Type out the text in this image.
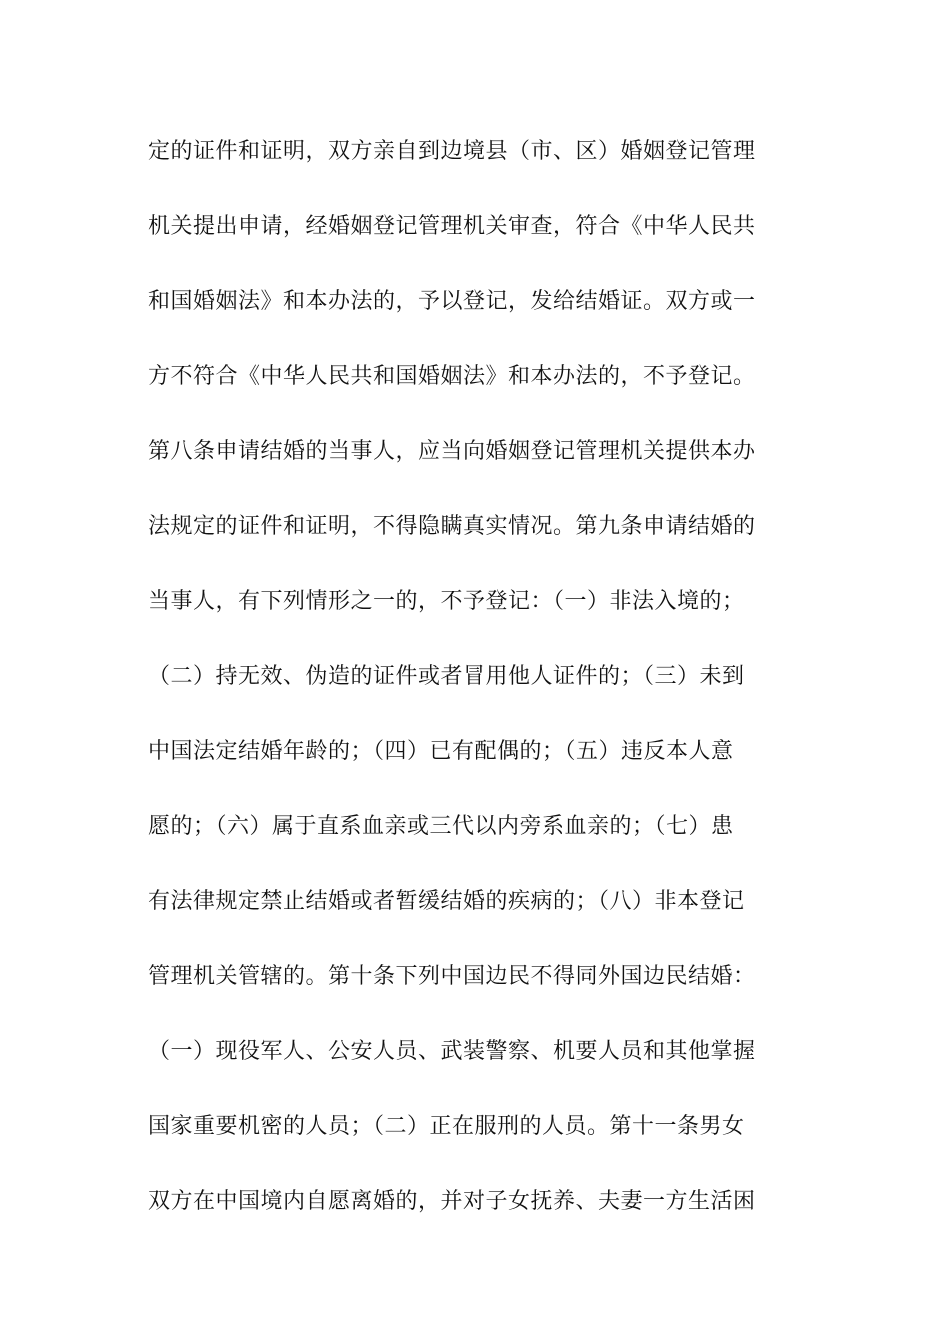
定的证件和证明，双方亲自到边境县（市、区）婚姻登记管理
机关提出申请，经婚姻登记管理机关审查，符合《中华人民共
和国婚姻法》和本办法的，予以登记，发给结婚证。双方或一
方不符合《中华人民共和国婚姻法》和本办法的，不予登记。
第八条申请结婚的当事人，应当向婚姻登记管理机关提供本办
法规定的证件和证明，不得隐瞒真实情况。第九条申请结婚的
当事人，有下列情形之一的，不予登记：（一）非法入境的；
（二）持无效、伪造的证件或者冒用他人证件的；（三）未到
中国法定结婚年龄的；（四）已有配偶的；（五）违反本人意
愿的；（六）属于直系血亲或三代以内旁系血亲的；（七）患
有法律规定禁止结婚或者暂缓结婚的疾病的；（八）非本登记
管理机关管辖的。第十条下列中国边民不得同外国边民结婚：
（一）现役军人、公安人员、武装警察、机要人员和其他掌握
国家重要机密的人员；（二）正在服刑的人员。第十一条男女
双方在中国境内自愿离婚的，并对子女抚养、夫妻一方生活困
